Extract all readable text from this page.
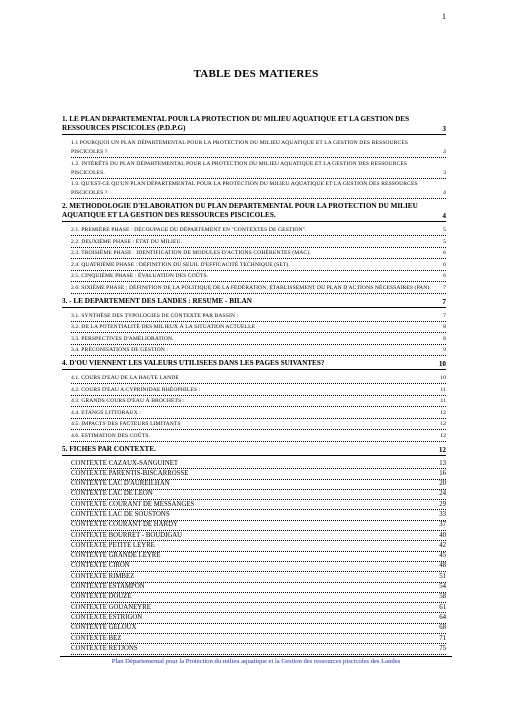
1
TABLE DES MATIERES
1. LE PLAN DEPARTEMENTAL POUR LA PROTECTION DU MILIEU AQUATIQUE ET LA GESTION DES RESSOURCES PISCICOLES (P.D.P.G)	3
1.1 POURQUOI UN PLAN DÉPARTEMENTAL POUR LA PROTECTION DU MILIEU AQUATIQUE ET LA GESTION DES RESSOURCES PISCICOLES ?	3
1.2. INTÉRÊTS DU PLAN DÉPARTEMENTAL POUR LA PROTECTION DU MILIEU AQUATIQUE ET LA GESTION DES RESSOURCES PISCICOLES.	3
1.3. QU'EST-CE QU'UN PLAN DÉPARTEMENTAL POUR LA PROTECTION DU MILIEU AQUATIQUE ET LA GESTION DES RESSOURCES PISCICOLES ?	4
2. METHODOLOGIE D'ELABORATION DU PLAN DEPARTEMENTAL POUR LA PROTECTION DU MILIEU AQUATIQUE ET LA GESTION DES RESSOURCES PISCICOLES.	4
2.1. PREMIÈRE PHASE : DÉCOUPAGE DU DÉPARTEMENT EN "CONTEXTES DE GESTION".	5
2.2. DEUXIÈME PHASE : ÉTAT DU MILIEU.	5
2.3. TROISIÈME PHASE : IDENTIFICATION DE MODULES D'ACTIONS COHÉRENTES (MAC).	6
2.4. QUATRIÈME PHASE : DÉFINITION DU SEUIL D'EFFICACITÉ TECHNIQUE (SET).	6
2.5. CINQUIÈME PHASE : ÉVALUATION DES COÛTS.	6
2.6. SIXIÈME PHASE : DÉFINITION DE LA POLITIQUE DE LA FÉDÉRATION, ÉTABLISSEMENT DU PLAN D'ACTIONS NÉCESSAIRES (PAN).	7
3. - LE DEPARTEMENT DES LANDES : RESUME - BILAN	7
3.1. SYNTHÈSE DES TYPOLOGIES DE CONTEXTE PAR BASSIN :	7
3.2. DE LA POTENTIALITÉ DES MILIEUX À LA SITUATION ACTUELLE	8
3.3. PERSPECTIVES D'AMÉLIORATION.	8
3.4. PRÉCONISATIONS DE GESTION :	9
4. D'OU VIENNENT LES VALEURS UTILISEES DANS LES PAGES SUIVANTES?	10
4.1. COURS D'EAU DE LA HAUTE LANDE	10
4.2. COURS D'EAU A CYPRINIDAE RHÉOPHILES :	11
4.3. GRANDS COURS D'EAU À BROCHETS :	11
4.4. ETANGS LITTORAUX :	12
4.5. IMPACTS DES FACTEURS LIMITANTS	12
4.6. ESTIMATION DES COÛTS.	12
5. FICHES PAR CONTEXTE.	12
CONTEXTE CAZAUX-SANGUINET	13
CONTEXTE PARENTIS-BISCARROSSE	16
CONTEXTE LAC D'AUREILHAN	20
CONTEXTE LAC DE LEON	24
CONTEXTE COURANT DE MESSANGES	29
CONTEXTE LAC DE SOUSTONS	33
CONTEXTE COURANT DE HARDY	37
CONTEXTE BOURRET - BOUDIGAU	40
CONTEXTE PETITE LEYRE	42
CONTEXTE GRANDE LEYRE	45
CONTEXTE CIRON	48
CONTEXTE RIMBEZ	51
CONTEXTE ESTAMPON	54
CONTEXTE DOUZE	58
CONTEXTE GOUANEYRE	61
CONTEXTE ESTRIGON	64
CONTEXTE GELOUX	68
CONTEXTE BEZ	71
CONTEXTE RETJONS	75
Plan Départemental pour la Protection du milieu aquatique et la Gestion des ressources piscicoles des Landes
